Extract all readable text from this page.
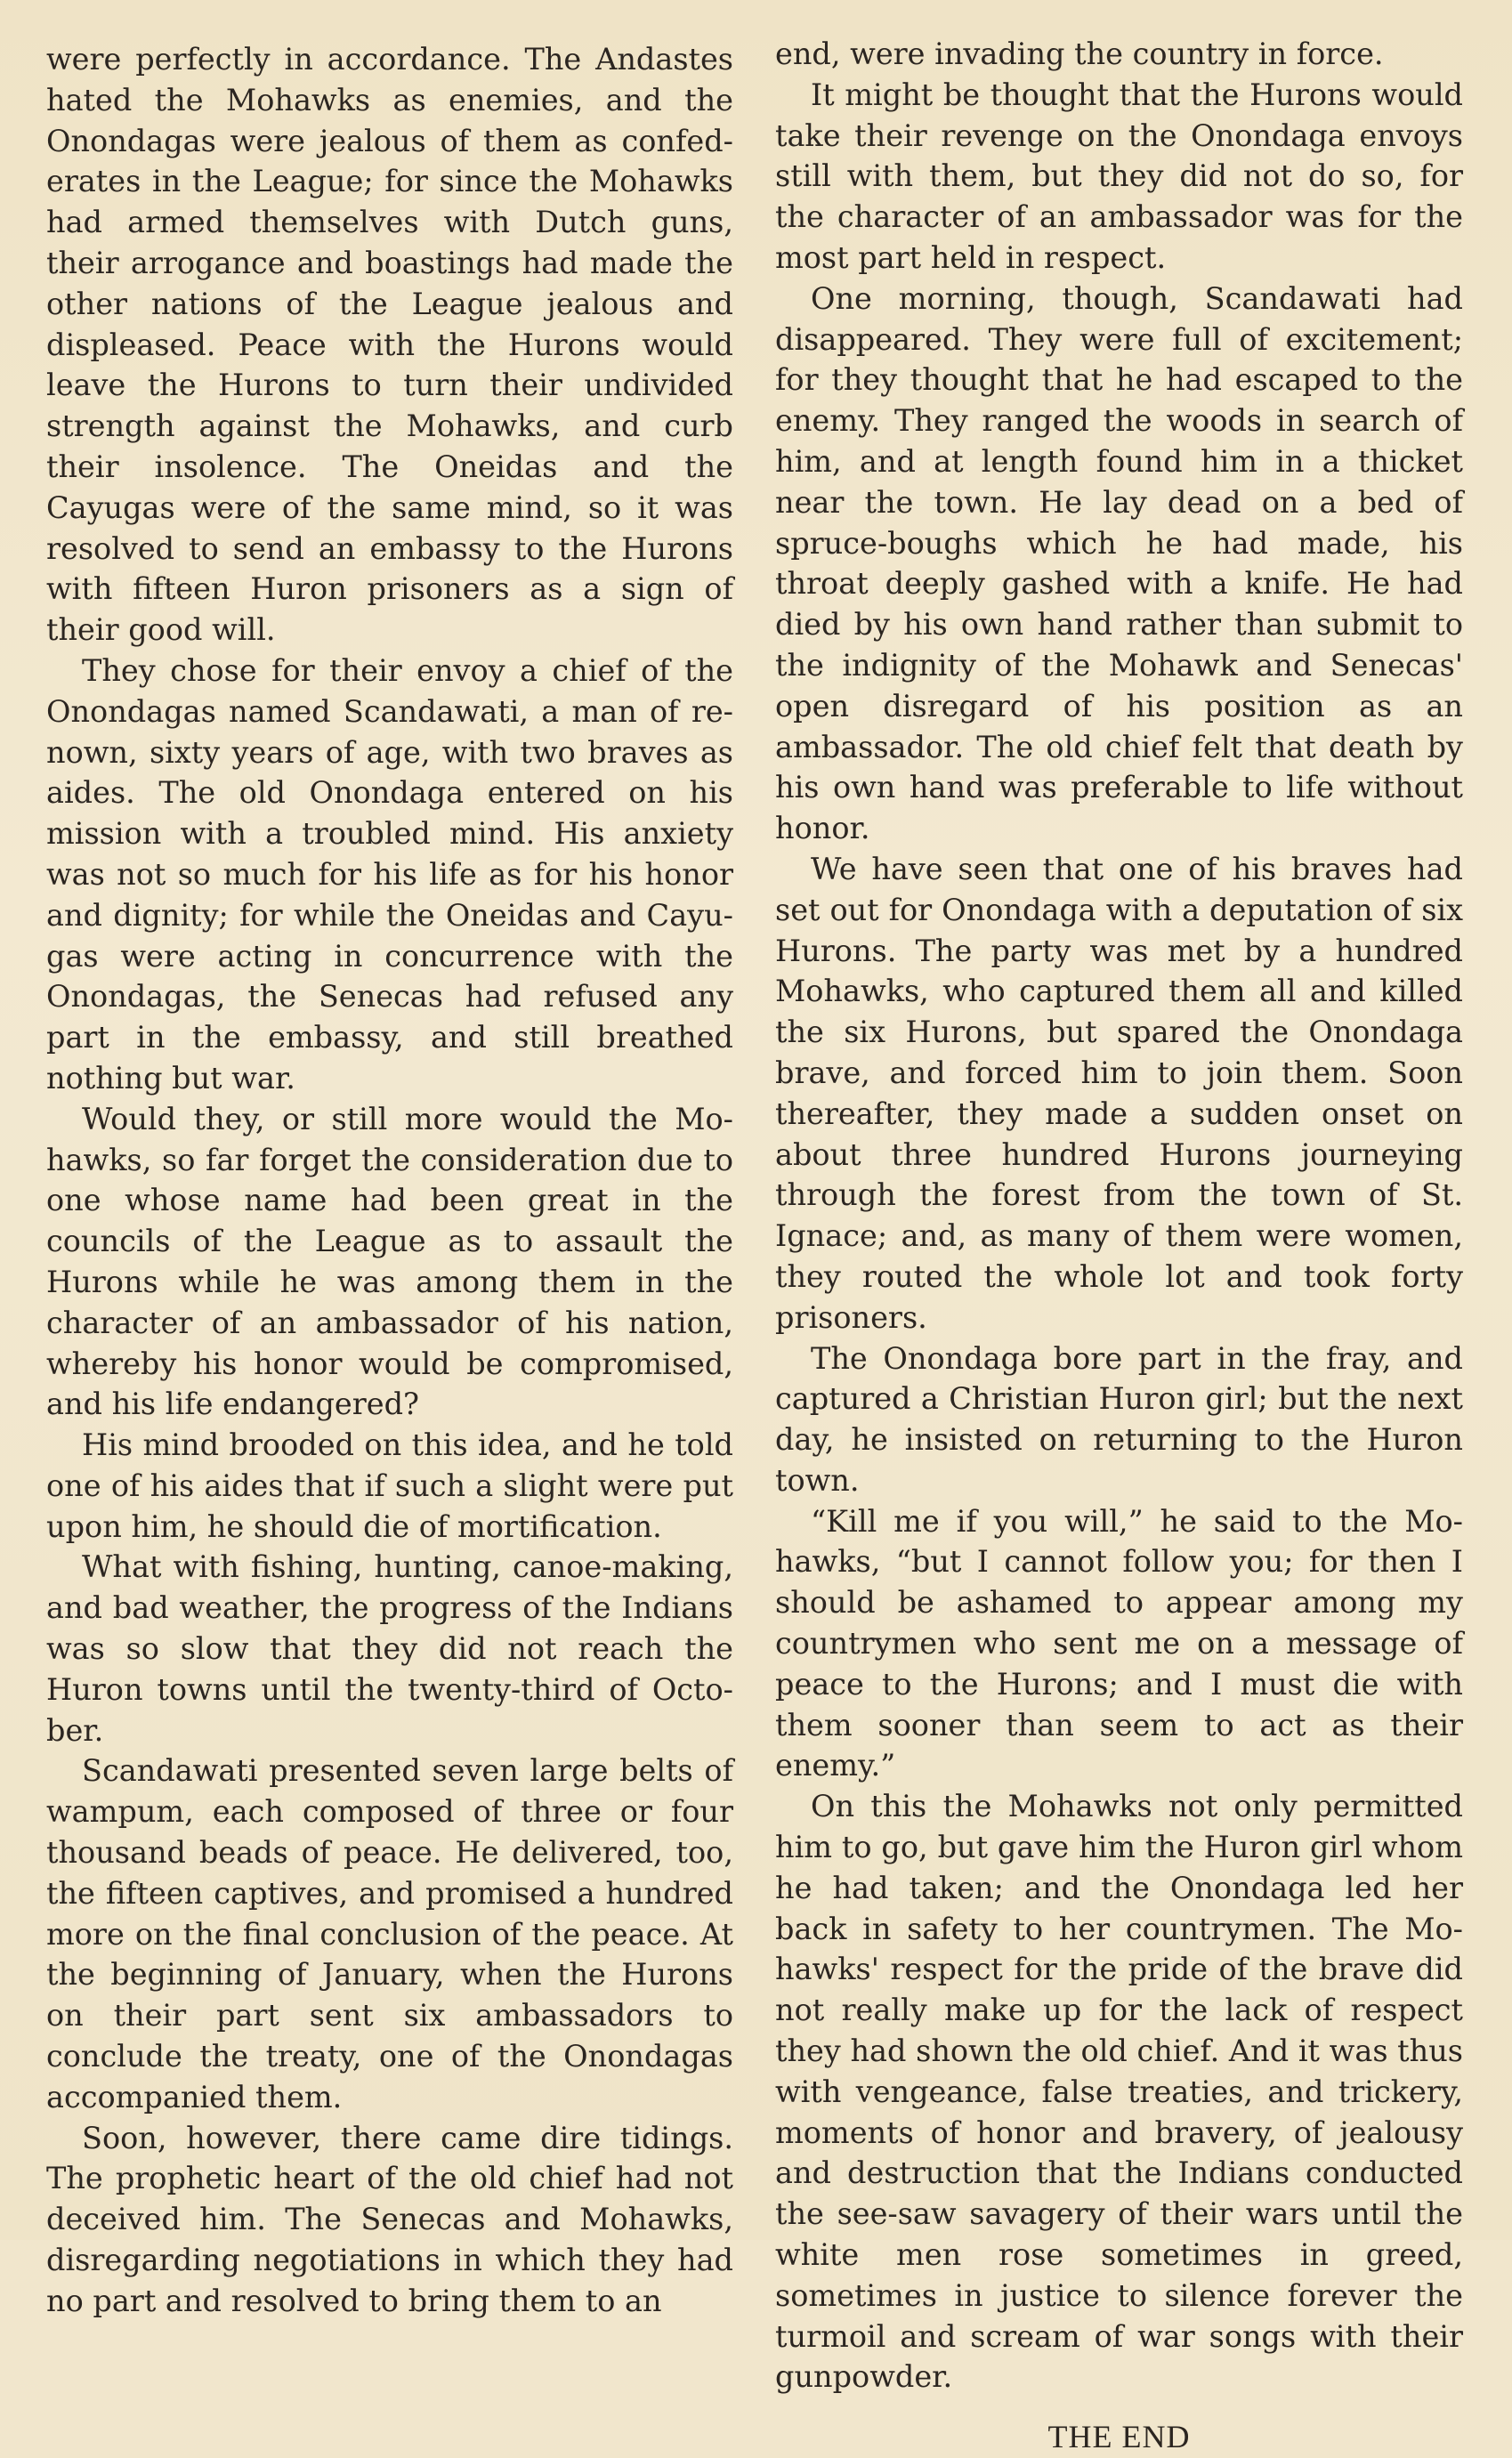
were perfectly in accordance. The Andastes hated the Mohawks as enemies, and the Onondagas were jealous of them as confederates in the League; for since the Mohawks had armed themselves with Dutch guns, their arrogance and boastings had made the other nations of the League jealous and displeased. Peace with the Hurons would leave the Hurons to turn their undivided strength against the Mohawks, and curb their insolence. The Oneidas and the Cayugas were of the same mind, so it was resolved to send an embassy to the Hurons with fifteen Huron prisoners as a sign of their good will.

They chose for their envoy a chief of the Onondagas named Scandawati, a man of renown, sixty years of age, with two braves as aides. The old Onondaga entered on his mission with a troubled mind. His anxiety was not so much for his life as for his honor and dignity; for while the Oneidas and Cayugas were acting in concurrence with the Onondagas, the Senecas had refused any part in the embassy, and still breathed nothing but war.

Would they, or still more would the Mohawks, so far forget the consideration due to one whose name had been great in the councils of the League as to assault the Hurons while he was among them in the character of an ambassador of his nation, whereby his honor would be compromised, and his life endangered?

His mind brooded on this idea, and he told one of his aides that if such a slight were put upon him, he should die of mortification.

What with fishing, hunting, canoe-making, and bad weather, the progress of the Indians was so slow that they did not reach the Huron towns until the twenty-third of October.

Scandawati presented seven large belts of wampum, each composed of three or four thousand beads of peace. He delivered, too, the fifteen captives, and promised a hundred more on the final conclusion of the peace. At the beginning of January, when the Hurons on their part sent six ambassadors to conclude the treaty, one of the Onondagas accompanied them.

Soon, however, there came dire tidings. The prophetic heart of the old chief had not deceived him. The Senecas and Mohawks, disregarding negotiations in which they had no part and resolved to bring them to an

end, were invading the country in force.

It might be thought that the Hurons would take their revenge on the Onondaga envoys still with them, but they did not do so, for the character of an ambassador was for the most part held in respect.

One morning, though, Scandawati had disappeared. They were full of excitement; for they thought that he had escaped to the enemy. They ranged the woods in search of him, and at length found him in a thicket near the town. He lay dead on a bed of spruce-boughs which he had made, his throat deeply gashed with a knife. He had died by his own hand rather than submit to the indignity of the Mohawk and Senecas' open disregard of his position as an ambassador. The old chief felt that death by his own hand was preferable to life without honor.

We have seen that one of his braves had set out for Onondaga with a deputation of six Hurons. The party was met by a hundred Mohawks, who captured them all and killed the six Hurons, but spared the Onondaga brave, and forced him to join them. Soon thereafter, they made a sudden onset on about three hundred Hurons journeying through the forest from the town of St. Ignace; and, as many of them were women, they routed the whole lot and took forty prisoners.

The Onondaga bore part in the fray, and captured a Christian Huron girl; but the next day, he insisted on returning to the Huron town.

“Kill me if you will,” he said to the Mohawks, “but I cannot follow you; for then I should be ashamed to appear among my countrymen who sent me on a message of peace to the Hurons; and I must die with them sooner than seem to act as their enemy.”

On this the Mohawks not only permitted him to go, but gave him the Huron girl whom he had taken; and the Onondaga led her back in safety to her countrymen. The Mohawks' respect for the pride of the brave did not really make up for the lack of respect they had shown the old chief. And it was thus with vengeance, false treaties, and trickery, moments of honor and bravery, of jealousy and destruction that the Indians conducted the see-saw savagery of their wars until the white men rose sometimes in greed, sometimes in justice to silence forever the turmoil and scream of war songs with their gunpowder.

THE END
